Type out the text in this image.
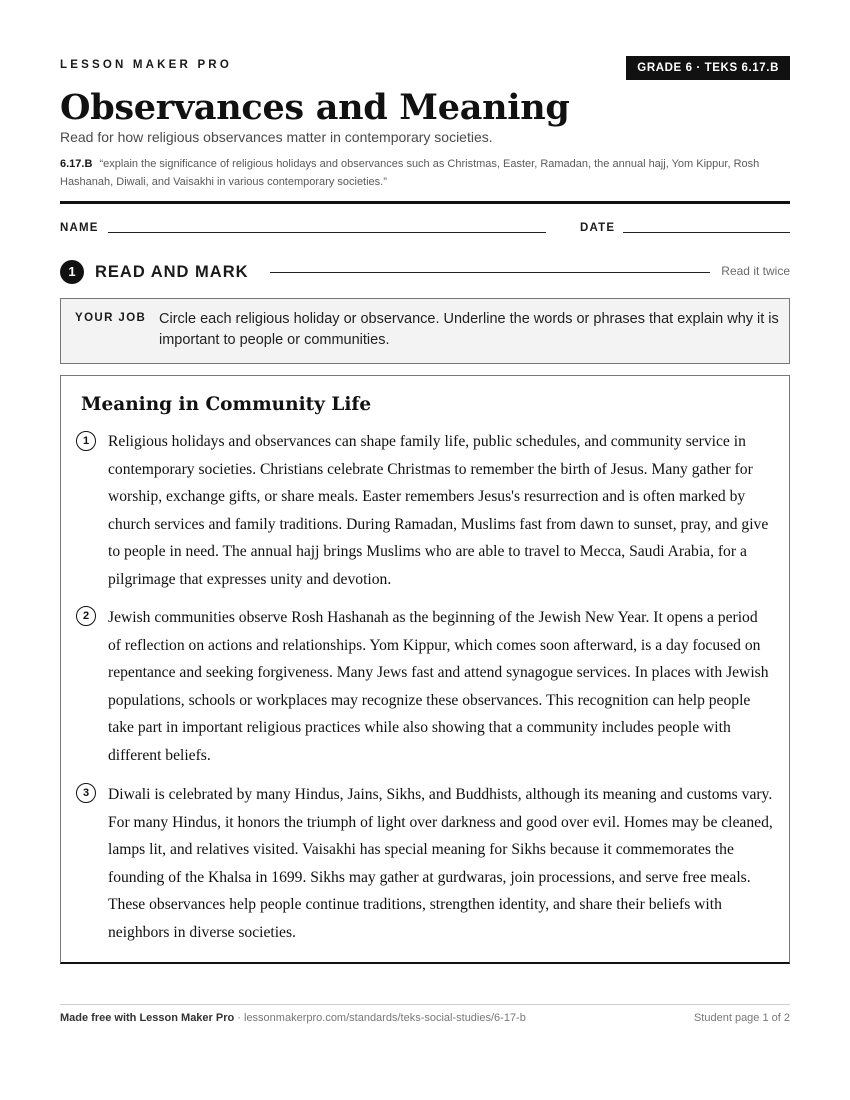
LESSON MAKER PRO	GRADE 6 · TEKS 6.17.B
Observances and Meaning
Read for how religious observances matter in contemporary societies.
6.17.B “explain the significance of religious holidays and observances such as Christmas, Easter, Ramadan, the annual hajj, Yom Kippur, Rosh Hashanah, Diwali, and Vaisakhi in various contemporary societies.”
NAME	DATE
1	READ AND MARK	Read it twice
YOUR JOB Circle each religious holiday or observance. Underline the words or phrases that explain why it is important to people or communities.
Meaning in Community Life
1	Religious holidays and observances can shape family life, public schedules, and community service in contemporary societies. Christians celebrate Christmas to remember the birth of Jesus. Many gather for worship, exchange gifts, or share meals. Easter remembers Jesus's resurrection and is often marked by church services and family traditions. During Ramadan, Muslims fast from dawn to sunset, pray, and give to people in need. The annual hajj brings Muslims who are able to travel to Mecca, Saudi Arabia, for a pilgrimage that expresses unity and devotion.

2	Jewish communities observe Rosh Hashanah as the beginning of the Jewish New Year. It opens a period of reflection on actions and relationships. Yom Kippur, which comes soon afterward, is a day focused on repentance and seeking forgiveness. Many Jews fast and attend synagogue services. In places with Jewish populations, schools or workplaces may recognize these observances. This recognition can help people take part in important religious practices while also showing that a community includes people with different beliefs.

3	Diwali is celebrated by many Hindus, Jains, Sikhs, and Buddhists, although its meaning and customs vary. For many Hindus, it honors the triumph of light over darkness and good over evil. Homes may be cleaned, lamps lit, and relatives visited. Vaisakhi has special meaning for Sikhs because it commemorates the founding of the Khalsa in 1699. Sikhs may gather at gurdwaras, join processions, and serve free meals. These observances help people continue traditions, strengthen identity, and share their beliefs with neighbors in diverse societies.

Made free with Lesson Maker Pro · lessonmakerpro.com/standards/teks-social-studies/6-17-b	Student page 1 of 2
